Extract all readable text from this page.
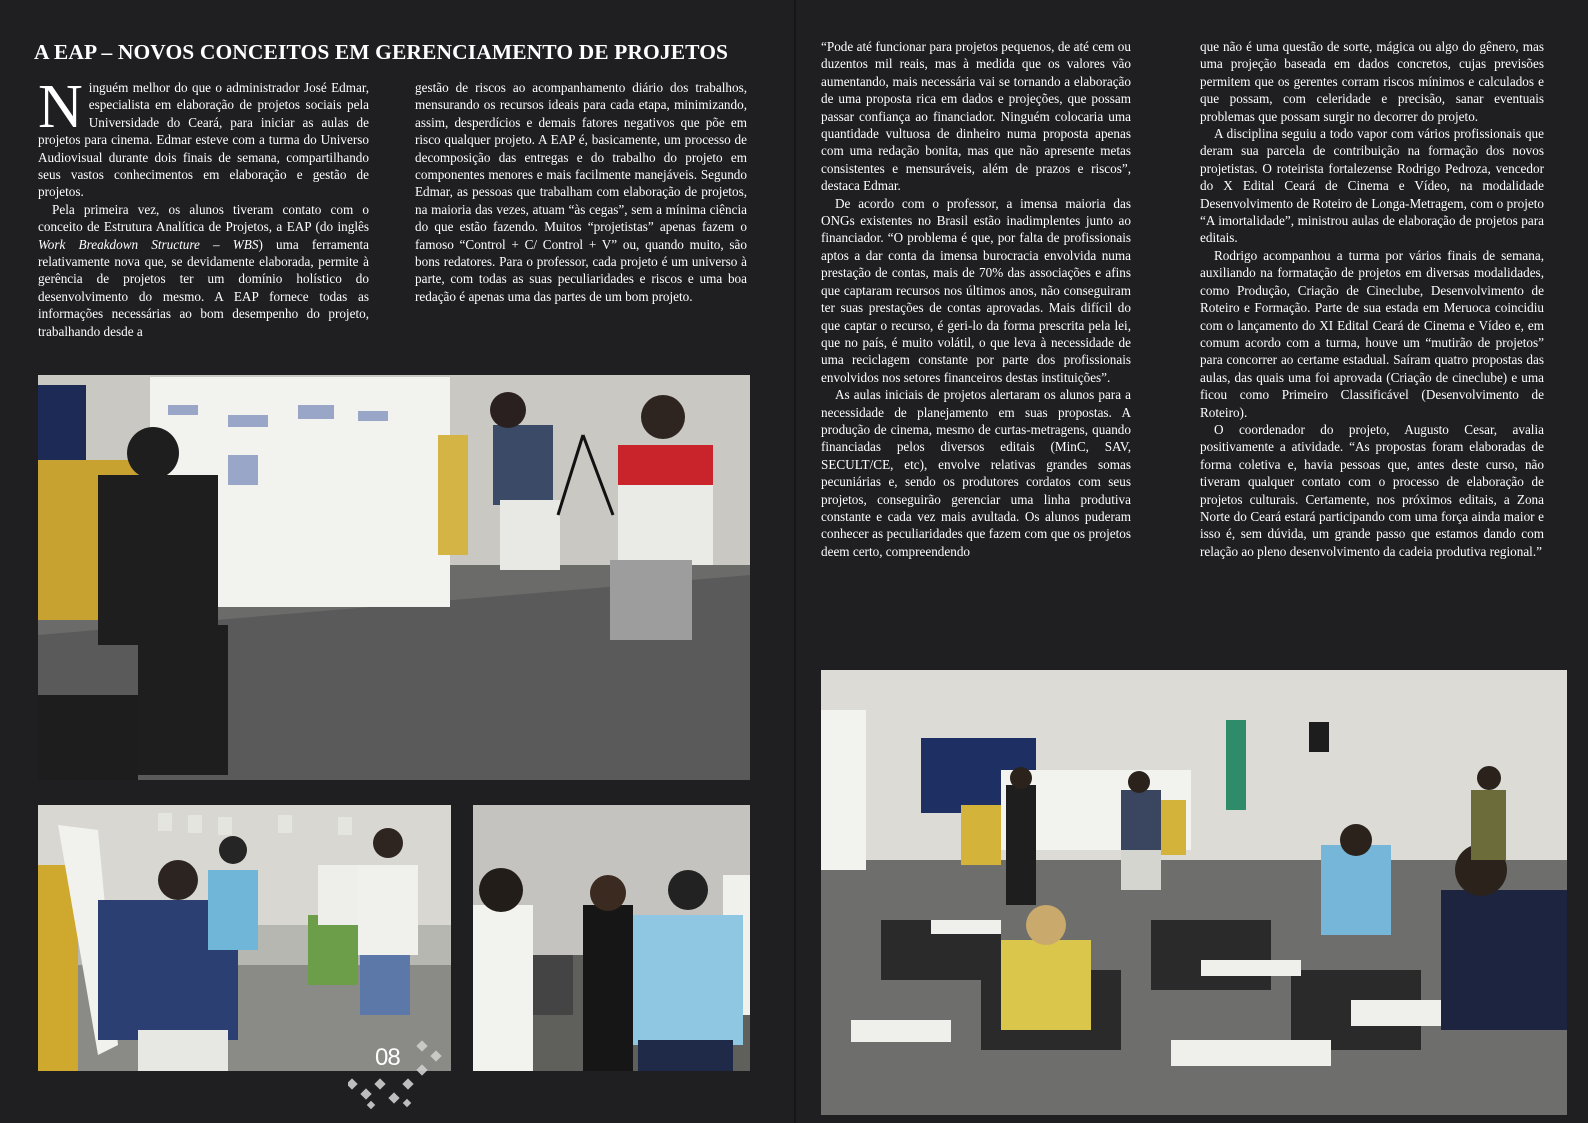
A EAP – NOVOS CONCEITOS EM GERENCIAMENTO DE PROJETOS

Ninguém melhor do que o administrador José Edmar, especialista em elaboração de projetos sociais pela Universidade do Ceará, para iniciar as aulas de projetos para cinema. Edmar esteve com a turma do Universo Audiovisual durante dois finais de semana, compartilhando seus vastos conhecimentos em elaboração e gestão de projetos.

Pela primeira vez, os alunos tiveram contato com o conceito de Estrutura Analítica de Projetos, a EAP (do inglês Work Breakdown Structure – WBS) uma ferramenta relativamente nova que, se devidamente elaborada, permite à gerência de projetos ter um domínio holístico do desenvolvimento do mesmo. A EAP fornece todas as informações necessárias ao bom desempenho do projeto, trabalhando desde a

gestão de riscos ao acompanhamento diário dos trabalhos, mensurando os recursos ideais para cada etapa, minimizando, assim, desperdícios e demais fatores negativos que põe em risco qualquer projeto. A EAP é, basicamente, um processo de decomposição das entregas e do trabalho do projeto em componentes menores e mais facilmente manejáveis. Segundo Edmar, as pessoas que trabalham com elaboração de projetos, na maioria das vezes, atuam “às cegas”, sem a mínima ciência do que estão fazendo. Muitos “projetistas” apenas fazem o famoso “Control + C/ Control + V” ou, quando muito, são bons redatores. Para o professor, cada projeto é um universo à parte, com todas as suas peculiaridades e riscos e uma boa redação é apenas uma das partes de um bom projeto.

“Pode até funcionar para projetos pequenos, de até cem ou duzentos mil reais, mas à medida que os valores vão aumentando, mais necessária vai se tornando a elaboração de uma proposta rica em dados e projeções, que possam passar confiança ao financiador. Ninguém colocaria uma quantidade vultuosa de dinheiro numa proposta apenas com uma redação bonita, mas que não apresente metas consistentes e mensuráveis, além de prazos e riscos”, destaca Edmar.

De acordo com o professor, a imensa maioria das ONGs existentes no Brasil estão inadimplentes junto ao financiador. “O problema é que, por falta de profissionais aptos a dar conta da imensa burocracia envolvida numa prestação de contas, mais de 70% das associações e afins que captaram recursos nos últimos anos, não conseguiram ter suas prestações de contas aprovadas. Mais difícil do que captar o recurso, é geri-lo da forma prescrita pela lei, que no país, é muito volátil, o que leva à necessidade de uma reciclagem constante por parte dos profissionais envolvidos nos setores financeiros destas instituições”.

As aulas iniciais de projetos alertaram os alunos para a necessidade de planejamento em suas propostas. A produção de cinema, mesmo de curtas-metragens, quando financiadas pelos diversos editais (MinC, SAV, SECULT/CE, etc), envolve relativas grandes somas pecuniárias e, sendo os produtores cordatos com seus projetos, conseguirão gerenciar uma linha produtiva constante e cada vez mais avultada. Os alunos puderam conhecer as peculiaridades que fazem com que os projetos deem certo, compreendendo

que não é uma questão de sorte, mágica ou algo do gênero, mas uma projeção baseada em dados concretos, cujas previsões permitem que os gerentes corram riscos mínimos e calculados e que possam, com celeridade e precisão, sanar eventuais problemas que possam surgir no decorrer do projeto.

A disciplina seguiu a todo vapor com vários profissionais que deram sua parcela de contribuição na formação dos novos projetistas. O roteirista fortalezense Rodrigo Pedroza, vencedor do X Edital Ceará de Cinema e Vídeo, na modalidade Desenvolvimento de Roteiro de Longa-Metragem, com o projeto “A imortalidade”, ministrou aulas de elaboração de projetos para editais.

Rodrigo acompanhou a turma por vários finais de semana, auxiliando na formatação de projetos em diversas modalidades, como Produção, Criação de Cineclube, Desenvolvimento de Roteiro e Formação. Parte de sua estada em Meruoca coincidiu com o lançamento do XI Edital Ceará de Cinema e Vídeo e, em comum acordo com a turma, houve um “mutirão de projetos” para concorrer ao certame estadual. Saíram quatro propostas das aulas, das quais uma foi aprovada (Criação de cineclube) e uma ficou como Primeiro Classificável (Desenvolvimento de Roteiro).

O coordenador do projeto, Augusto Cesar, avalia positivamente a atividade. “As propostas foram elaboradas de forma coletiva e, havia pessoas que, antes deste curso, não tiveram qualquer contato com o processo de elaboração de projetos culturais. Certamente, nos próximos editais, a Zona Norte do Ceará estará participando com uma força ainda maior e isso é, sem dúvida, um grande passo que estamos dando com relação ao pleno desenvolvimento da cadeia produtiva regional.”

08
